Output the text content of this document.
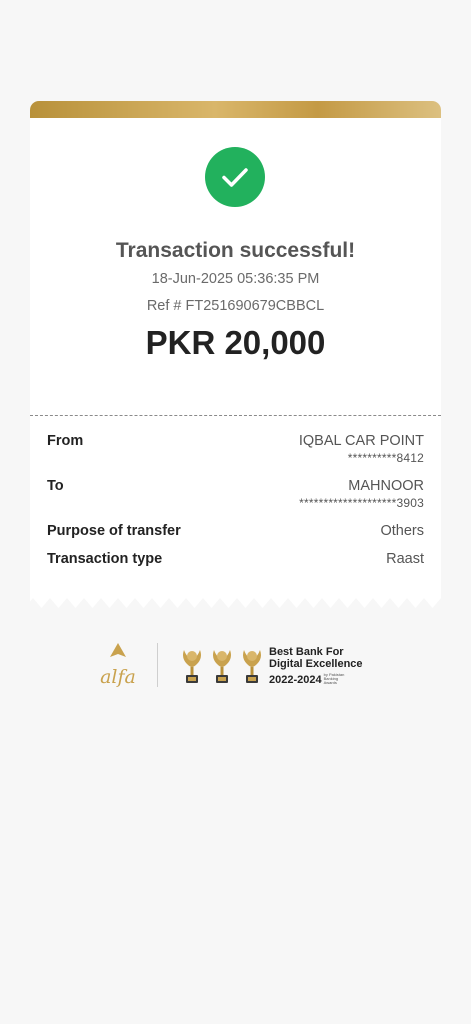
Transaction successful!
18-Jun-2025 05:36:35 PM
Ref # FT251690679CBBCL
PKR 20,000
From	IQBAL CAR POINT
**********8412
To	MAHNOOR
********************3903
Purpose of transfer	Others
Transaction type	Raast
alfa
Best Bank For
Digital Excellence
2022-2024 by Pakistan Banking Awards
